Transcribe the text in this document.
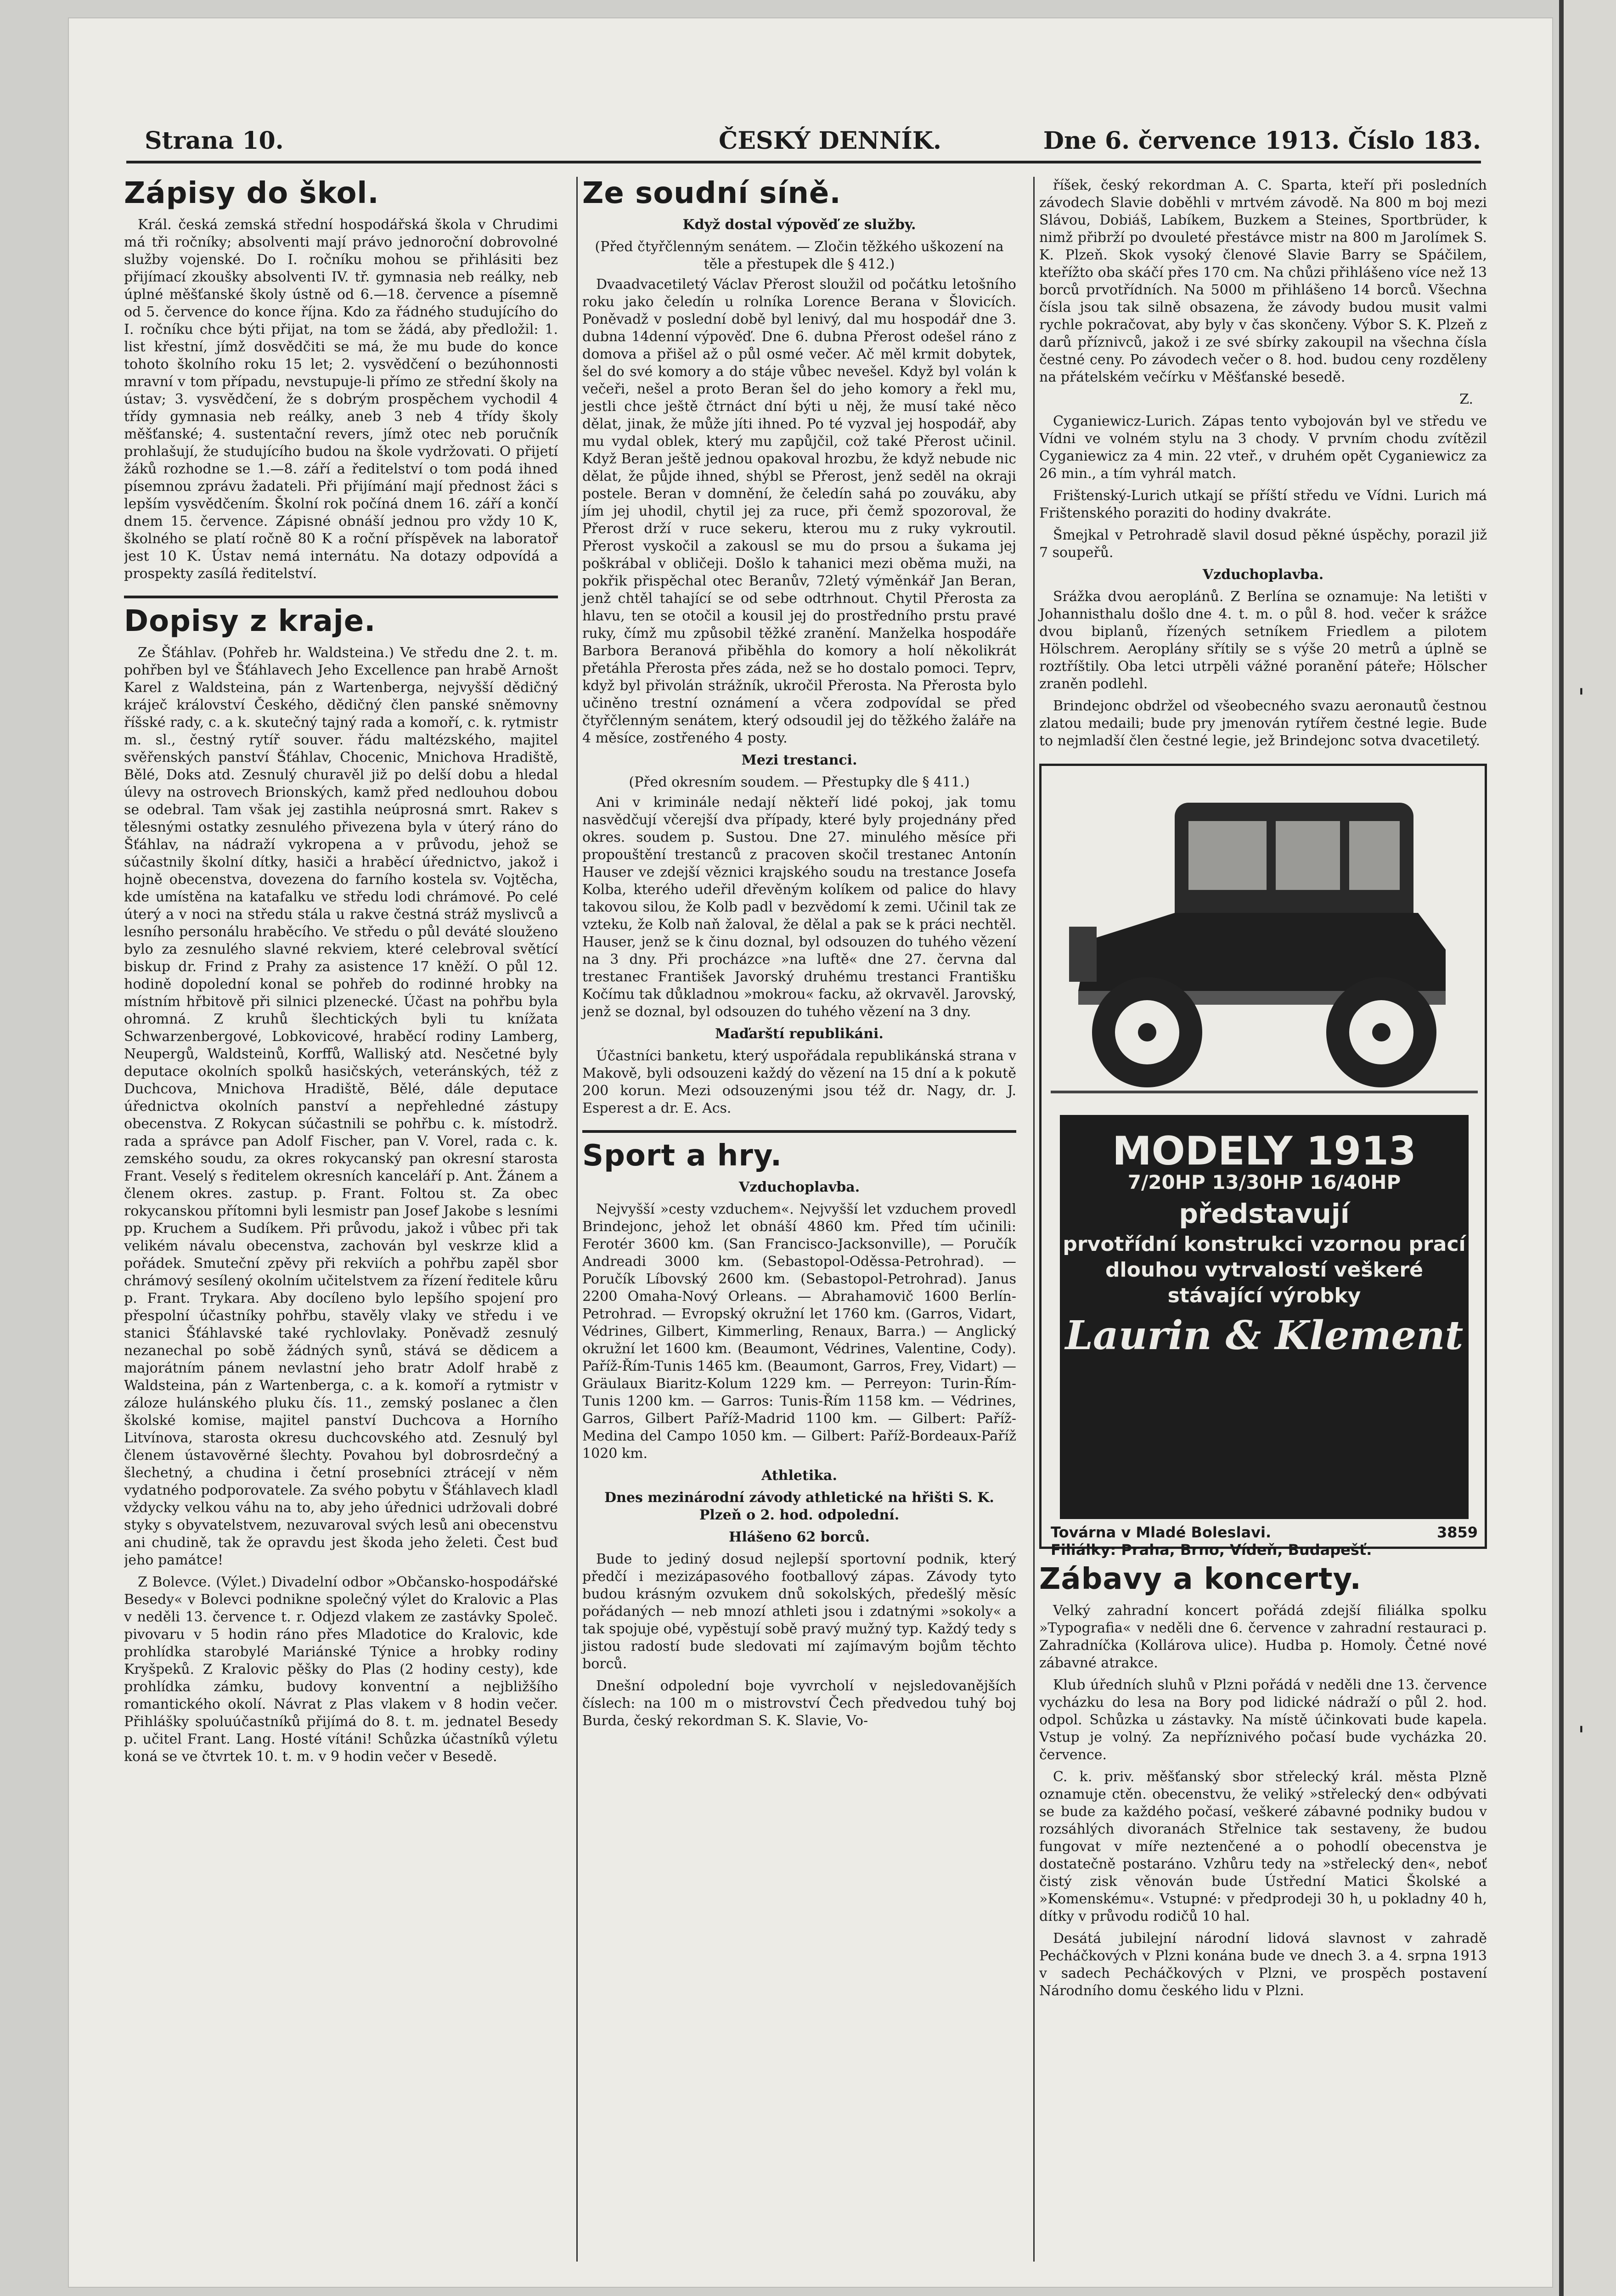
ˌ
ˌ
Strana 10.	ČESKÝ DENNÍK.	Dne 6. července 1913. Číslo 183.
Zápisy do škol.

Král. česká zemská střední hospodářská škola v Chrudimi má tři ročníky; absolventi mají právo jednoroční dobrovolné služby vojenské. Do I. ročníku mohou se přihlásiti bez přijímací zkoušky absolventi IV. tř. gymnasia neb reálky, neb úplné měšťanské školy ústně od 6.—18. července a písemně od 5. července do konce října. Kdo za řádného studujícího do I. ročníku chce býti přijat, na tom se žádá, aby předložil: 1. list křestní, jímž dosvědčiti se má, že mu bude do konce tohoto školního roku 15 let; 2. vysvědčení o bezúhonnosti mravní v tom případu, nevstupuje-li přímo ze střední školy na ústav; 3. vysvědčení, že s dobrým prospěchem vychodil 4 třídy gymnasia neb reálky, aneb 3 neb 4 třídy školy měšťanské; 4. sustentační revers, jímž otec neb poručník prohlašují, že studujícího budou na škole vydržovati. O přijetí žáků rozhodne se 1.—8. září a ředitelství o tom podá ihned písemnou zprávu žadateli. Při přijímání mají přednost žáci s lepším vysvědčením. Školní rok počíná dnem 16. září a končí dnem 15. července. Zápisné obnáší jednou pro vždy 10 K, školného se platí ročně 80 K a roční příspěvek na laboratoř jest 10 K. Ústav nemá internátu. Na dotazy odpovídá a prospekty zasílá ředitelství.

Dopisy z kraje.

Ze Šťáhlav. (Pohřeb hr. Waldsteina.) Ve středu dne 2. t. m. pohřben byl ve Šťáhlavech Jeho Excellence pan hrabě Arnošt Karel z Waldsteina, pán z Wartenberga, nejvyšší dědičný kráječ království Českého, dědičný člen panské sněmovny říšské rady, c. a k. skutečný tajný rada a komoří, c. k. rytmistr m. sl., čestný rytíř souver. řádu maltézského, majitel svěřenských panství Šťáhlav, Chocenic, Mnichova Hradiště, Bělé, Doks atd. Zesnulý churavěl již po delší dobu a hledal úlevy na ostrovech Brionských, kamž před nedlouhou dobou se odebral. Tam však jej zastihla neúprosná smrt. Rakev s tělesnými ostatky zesnulého přivezena byla v úterý ráno do Šťáhlav, na nádraží vykropena a v průvodu, jehož se súčastnily školní dítky, hasiči a hraběcí úřednictvo, jakož i hojně obecenstva, dovezena do farního kostela sv. Vojtěcha, kde umístěna na katafalku ve středu lodi chrámové. Po celé úterý a v noci na středu stála u rakve čestná stráž myslivců a lesního personálu hraběcího. Ve středu o půl deváté slouženo bylo za zesnulého slavné rekviem, které celebroval světící biskup dr. Frind z Prahy za asistence 17 kněží. O půl 12. hodině dopolední konal se pohřeb do rodinné hrobky na místním hřbitově při silnici plzenecké. Účast na pohřbu byla ohromná. Z kruhů šlechtických byli tu knížata Schwarzenbergové, Lobkovicové, hraběcí rodiny Lamberg, Neupergů, Waldsteinů, Korffů, Walliský atd. Nesčetné byly deputace okolních spolků hasičských, veteránských, též z Duchcova, Mnichova Hradiště, Bělé, dále deputace úřednictva okolních panství a nepřehledné zástupy obecenstva. Z Rokycan súčastnili se pohřbu c. k. místodrž. rada a správce pan Adolf Fischer, pan V. Vorel, rada c. k. zemského soudu, za okres rokycanský pan okresní starosta Frant. Veselý s ředitelem okresních kanceláří p. Ant. Žánem a členem okres. zastup. p. Frant. Foltou st. Za obec rokycanskou přítomni byli lesmistr pan Josef Jakobe s lesními pp. Kruchem a Sudíkem. Při průvodu, jakož i vůbec při tak velikém návalu obecenstva, zachován byl veskrze klid a pořádek. Smuteční zpěvy při rekviích a pohřbu zapěl sbor chrámový sesílený okolním učitelstvem za řízení ředitele kůru p. Frant. Trykara. Aby docíleno bylo lepšího spojení pro přespolní účastníky pohřbu, stavěly vlaky ve středu i ve stanici Šťáhlavské také rychlovlaky. Poněvadž zesnulý nezanechal po sobě žádných synů, stává se dědicem a majorátním pánem nevlastní jeho bratr Adolf hrabě z Waldsteina, pán z Wartenberga, c. a k. komoří a rytmistr v záloze hulánského pluku čís. 11., zemský poslanec a člen školské komise, majitel panství Duchcova a Horního Litvínova, starosta okresu duchcovského atd. Zesnulý byl členem ústavověrné šlechty. Povahou byl dobrosrdečný a šlechetný, a chudina i četní prosebníci ztrácejí v něm vydatného podporovatele. Za svého pobytu v Šťáhlavech kladl vždycky velkou váhu na to, aby jeho úřednici udržovali dobré styky s obyvatelstvem, nezuvaroval svých lesů ani obecenstvu ani chudině, tak že opravdu jest škoda jeho želeti. Čest buď jeho památce!

Z Bolevce. (Výlet.) Divadelní odbor »Občansko-hospodářské Besedy« v Bolevci podnikne společný výlet do Kralovic a Plas v neděli 13. července t. r. Odjezd vlakem ze zastávky Společ. pivovaru v 5 hodin ráno přes Mladotice do Kralovic, kde prohlídka starobylé Mariánské Týnice a hrobky rodiny Kryšpeků. Z Kralovic pěšky do Plas (2 hodiny cesty), kde prohlídka zámku, budovy konventní a nejbližšího romantického okolí. Návrat z Plas vlakem v 8 hodin večer. Přihlášky spoluúčastníků přijímá do 8. t. m. jednatel Besedy p. učitel Frant. Lang. Hosté vítáni! Schůzka účastníků výletu koná se ve čtvrtek 10. t. m. v 9 hodin večer v Besedě.

Ze soudní síně.
Když dostal výpověď ze služby.
(Před čtyřčlenným senátem. — Zločin těžkého uškození na těle a přestupek dle § 412.)

Dvaadvacetiletý Václav Přerost sloužil od počátku letošního roku jako čeledín u rolníka Lorence Berana v Šlovicích. Poněvadž v poslední době byl lenivý, dal mu hospodář dne 3. dubna 14denní výpověď. Dne 6. dubna Přerost odešel ráno z domova a přišel až o půl osmé večer. Ač měl krmit dobytek, šel do své komory a do stáje vůbec nevešel. Když byl volán k večeři, nešel a proto Beran šel do jeho komory a řekl mu, jestli chce ještě čtrnáct dní býti u něj, že musí také něco dělat, jinak, že může jíti ihned. Po té vyzval jej hospodář, aby mu vydal oblek, který mu zapůjčil, což také Přerost učinil. Když Beran ještě jednou opakoval hrozbu, že když nebude nic dělat, že půjde ihned, shýbl se Přerost, jenž seděl na okraji postele. Beran v domnění, že čeledín sahá po zouváku, aby jím jej uhodil, chytil jej za ruce, při čemž spozoroval, že Přerost drží v ruce sekeru, kterou mu z ruky vykroutil. Přerost vyskočil a zakousl se mu do prsou a šukama jej poškrábal v obličeji. Došlo k tahanici mezi oběma muži, na pokřik přispěchal otec Beranův, 72letý výměnkář Jan Beran, jenž chtěl tahající se od sebe odtrhnout. Chytil Přerosta za hlavu, ten se otočil a kousil jej do prostředního prstu pravé ruky, čímž mu způsobil těžké zranění. Manželka hospodáře Barbora Beranová přiběhla do komory a holí několikrát přetáhla Přerosta přes záda, než se ho dostalo pomoci. Teprv, když byl přivolán strážník, ukročil Přerosta. Na Přerosta bylo učiněno trestní oznámení a včera zodpovídal se před čtyřčlenným senátem, který odsoudil jej do těžkého žaláře na 4 měsíce, zostřeného 4 posty.

Mezi trestanci.
(Před okresním soudem. — Přestupky dle § 411.)

Ani v kriminále nedají někteří lidé pokoj, jak tomu nasvědčují včerejší dva případy, které byly projednány před okres. soudem p. Sustou. Dne 27. minulého měsíce při propouštění trestanců z pracoven skočil trestanec Antonín Hauser ve zdejší věznici krajského soudu na trestance Josefa Kolba, kterého udeřil dřevěným kolíkem od palice do hlavy takovou silou, že Kolb padl v bezvědomí k zemi. Učinil tak ze vzteku, že Kolb naň žaloval, že dělal a pak se k práci nechtěl. Hauser, jenž se k činu doznal, byl odsouzen do tuhého vězení na 3 dny. Při procházce »na luftě« dne 27. června dal trestanec František Javorský druhému trestanci Františku Kočímu tak důkladnou »mokrou« facku, až okrvavěl. Jarovský, jenž se doznal, byl odsouzen do tuhého vězení na 3 dny.

Maďarští republikáni.

Účastníci banketu, který uspořádala republikánská strana v Makově, byli odsouzeni každý do vězení na 15 dní a k pokutě 200 korun. Mezi odsouzenými jsou též dr. Nagy, dr. J. Esperest a dr. E. Acs.

Sport a hry.
Vzduchoplavba.

Nejvyšší »cesty vzduchem«. Nejvyšší let vzduchem provedl Brindejonc, jehož let obnáší 4860 km. Před tím učinili: Ferotér 3600 km. (San Francisco-Jacksonville), — Poručík Andreadi 3000 km. (Sebastopol-Oděssa-Petrohrad). — Poručík Líbovský 2600 km. (Sebastopol-Petrohrad). Janus 2200 Omaha-Nový Orleans. — Abrahamovič 1600 Berlín-Petrohrad. — Evropský okružní let 1760 km. (Garros, Vidart, Védrines, Gilbert, Kimmerling, Renaux, Barra.) — Anglický okružní let 1600 km. (Beaumont, Védrines, Valentine, Cody). Paříž-Řím-Tunis 1465 km. (Beaumont, Garros, Frey, Vidart) — Gräulaux Biaritz-Kolum 1229 km. — Perreyon: Turin-Řím-Tunis 1200 km. — Garros: Tunis-Řím 1158 km. — Védrines, Garros, Gilbert Paříž-Madrid 1100 km. — Gilbert: Paříž-Medina del Campo 1050 km. — Gilbert: Paříž-Bordeaux-Paříž 1020 km.

Athletika.
Dnes mezinárodní závody athletické na hřišti S. K. Plzeň o 2. hod. odpolední.
Hlášeno 62 borců.

Bude to jediný dosud nejlepší sportovní podnik, který předčí i mezizápasového footballový zápas. Závody tyto budou krásným ozvukem dnů sokolských, předešlý měsíc pořádaných — neb mnozí athleti jsou i zdatnými »sokoly« a tak spojuje obé, vypěstují sobě pravý mužný typ. Každý tedy s jistou radostí bude sledovati mí zajímavým bojům těchto borců.

Dnešní odpolední boje vyvrcholí v nejsledovanějších číslech: na 100 m o mistrovství Čech předvedou tuhý boj Burda, český rekordman S. K. Slavie, Vo-

říšek, český rekordman A. C. Sparta, kteří při posledních závodech Slavie doběhli v mrtvém závodě. Na 800 m boj mezi Slávou, Dobiáš, Labíkem, Buzkem a Steines, Sportbrüder, k nimž přibrží po dvouleté přestávce mistr na 800 m Jarolímek S. K. Plzeň. Skok vysoký členové Slavie Barry se Spáčilem, kteřížto oba skáčí přes 170 cm. Na chůzi přihlášeno více než 13 borců prvotřídních. Na 5000 m přihlášeno 14 borců. Všechna čísla jsou tak silně obsazena, že závody budou musit valmi rychle pokračovat, aby byly v čas skončeny. Výbor S. K. Plzeň z darů příznivců, jakož i ze své sbírky zakoupil na všechna čísla čestné ceny. Po závodech večer o 8. hod. budou ceny rozděleny na přátelském večírku v Měšťanské besedě.

Z.

Cyganiewicz-Lurich. Zápas tento vybojován byl ve středu ve Vídni ve volném stylu na 3 chody. V prvním chodu zvítězil Cyganiewicz za 4 min. 22 vteř., v druhém opět Cyganiewicz za 26 min., a tím vyhrál match.

Frištenský-Lurich utkají se příští středu ve Vídni. Lurich má Frištenského poraziti do hodiny dvakráte.

Šmejkal v Petrohradě slavil dosud pěkné úspěchy, porazil již 7 soupeřů.

Vzduchoplavba.

Srážka dvou aeroplánů. Z Berlína se oznamuje: Na letišti v Johannisthalu došlo dne 4. t. m. o půl 8. hod. večer k srážce dvou biplanů, řízených setníkem Friedlem a pilotem Hölschrem. Aeroplány sřítily se s výše 20 metrů a úplně se roztříštily. Oba letci utrpěli vážné poranění páteře; Hölscher zraněn podlehl.

Brindejonc obdržel od všeobecného svazu aeronautů čestnou zlatou medaili; bude pry jmenován rytířem čestné legie. Bude to nejmladší člen čestné legie, jež Brindejonc sotva dvacetiletý.

MODELY 1913
7/20HP 13/30HP 16/40HP
představují
prvotřídní konstrukci vzornou prací dlouhou vytrvalostí veškeré stávající výrobky
Laurin & Klement
Továrna v Mladé Boleslavi.	3859
Filiálky: Praha, Brno, Vídeň, Budapešť.
Zábavy a koncerty.

Velký zahradní koncert pořádá zdejší filiálka spolku »Typografia« v neděli dne 6. července v zahradní restauraci p. Zahradníčka (Kollárova ulice). Hudba p. Homoly. Četné nové zábavné atrakce.

Klub úředních sluhů v Plzni pořádá v neděli dne 13. července vycházku do lesa na Bory pod lidické nádraží o půl 2. hod. odpol. Schůzka u zástavky. Na místě účinkovati bude kapela. Vstup je volný. Za nepříznivého počasí bude vycházka 20. července.

C. k. priv. měšťanský sbor střelecký král. města Plzně oznamuje ctěn. obecenstvu, že veliký »střelecký den« odbývati se bude za každého počasí, veškeré zábavné podniky budou v rozsáhlých divoranách Střelnice tak sestaveny, že budou fungovat v míře neztenčené a o pohodlí obecenstva je dostatečně postaráno. Vzhůru tedy na »střelecký den«, neboť čistý zisk věnován bude Ústřední Matici Školské a »Komenskému«. Vstupné: v předprodeji 30 h, u pokladny 40 h, dítky v průvodu rodičů 10 hal.

Desátá jubilejní národní lidová slavnost v zahradě Pecháčkových v Plzni konána bude ve dnech 3. a 4. srpna 1913 v sadech Pecháčkových v Plzni, ve prospěch postavení Národního domu českého lidu v Plzni.
